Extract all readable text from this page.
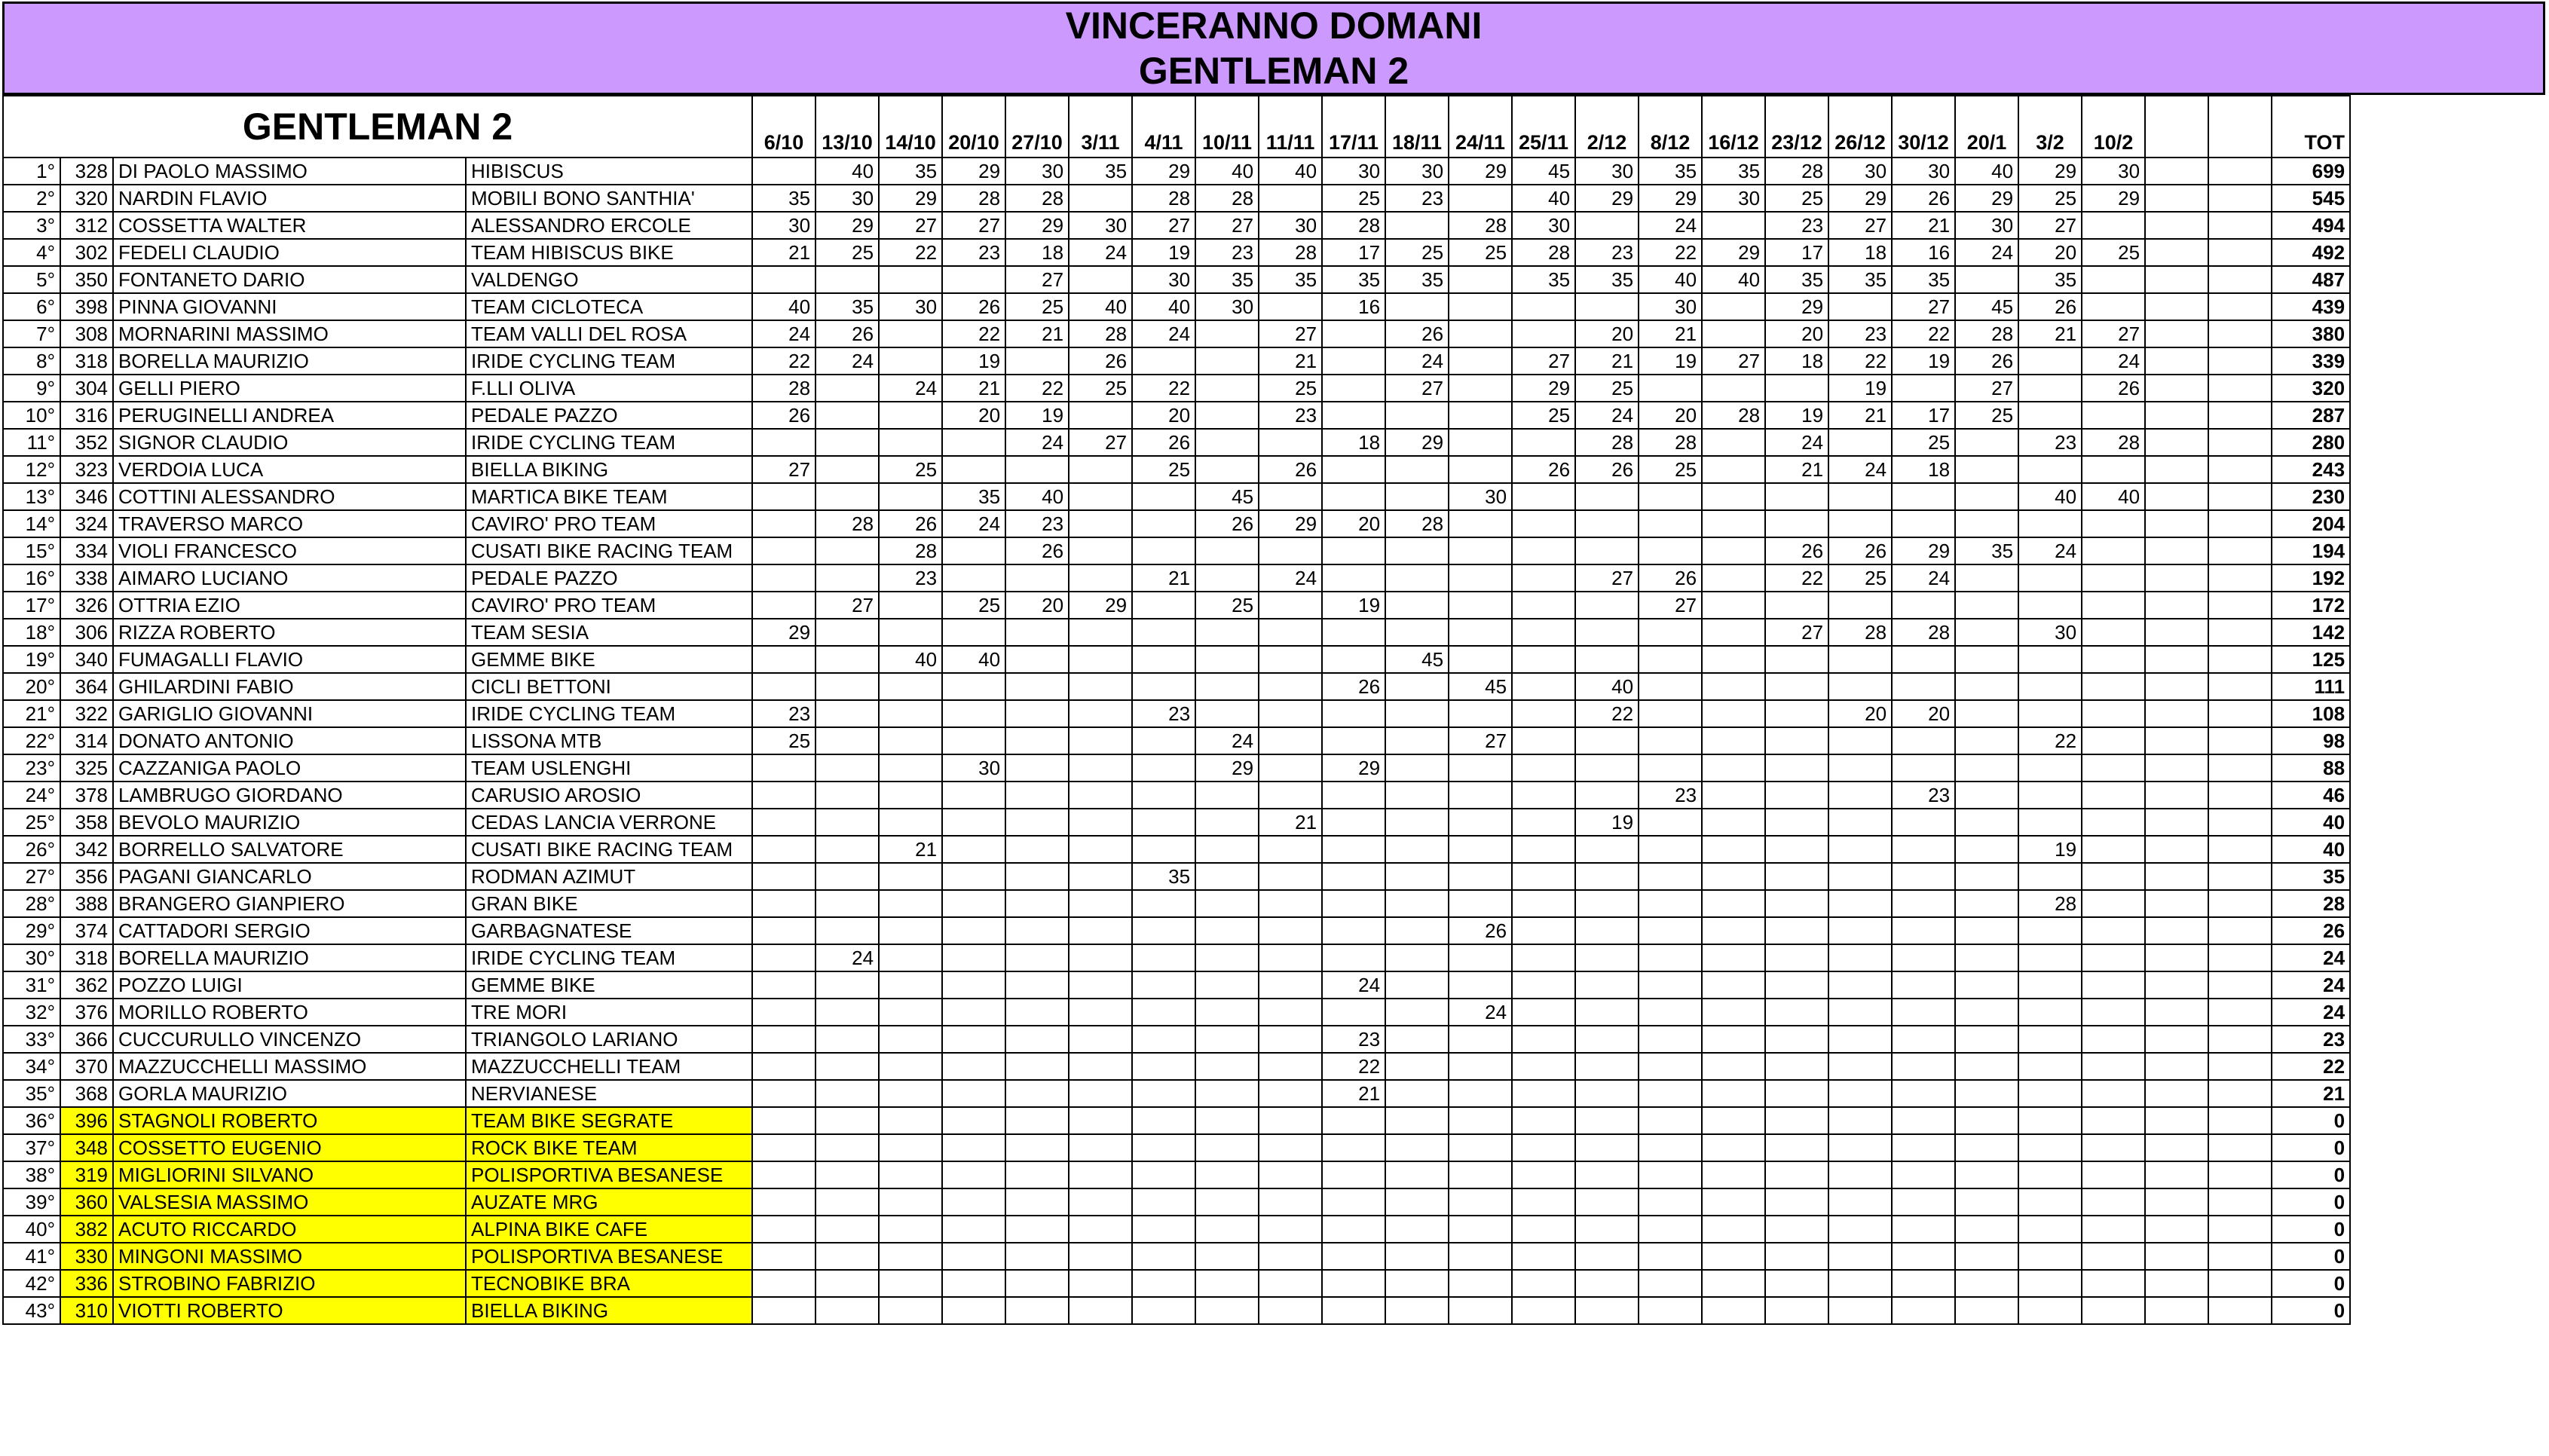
VINCERANNO DOMANI
GENTLEMAN 2
GENTLEMAN 2				6/10	13/10	14/10	20/10	27/10	3/11	4/11	10/11	11/11	17/11	18/11	24/11	25/11	2/12	8/12	16/12	23/12	26/12	30/12	20/1	3/2	10/2			TOT
1°	328	DI PAOLO MASSIMO	HIBISCUS		40	35	29	30	35	29	40	40	30	30	29	45	30	35	35	28	30	30	40	29	30			699
2°	320	NARDIN FLAVIO	MOBILI BONO SANTHIA'	35	30	29	28	28		28	28		25	23		40	29	29	30	25	29	26	29	25	29			545
3°	312	COSSETTA WALTER	ALESSANDRO ERCOLE	30	29	27	27	29	30	27	27	30	28		28	30		24		23	27	21	30	27				494
4°	302	FEDELI CLAUDIO	TEAM HIBISCUS BIKE	21	25	22	23	18	24	19	23	28	17	25	25	28	23	22	29	17	18	16	24	20	25			492
5°	350	FONTANETO DARIO	VALDENGO					27		30	35	35	35	35		35	35	40	40	35	35	35		35				487
6°	398	PINNA GIOVANNI	TEAM CICLOTECA	40	35	30	26	25	40	40	30		16					30		29		27	45	26				439
7°	308	MORNARINI MASSIMO	TEAM VALLI DEL ROSA	24	26		22	21	28	24		27		26			20	21		20	23	22	28	21	27			380
8°	318	BORELLA MAURIZIO	IRIDE CYCLING TEAM	22	24		19		26			21		24		27	21	19	27	18	22	19	26		24			339
9°	304	GELLI PIERO	F.LLI OLIVA	28		24	21	22	25	22		25		27		29	25				19		27		26			320
10°	316	PERUGINELLI ANDREA	PEDALE PAZZO	26			20	19		20		23				25	24	20	28	19	21	17	25					287
11°	352	SIGNOR CLAUDIO	IRIDE CYCLING TEAM					24	27	26			18	29			28	28		24		25		23	28			280
12°	323	VERDOIA LUCA	BIELLA BIKING	27		25				25		26				26	26	25		21	24	18						243
13°	346	COTTINI ALESSANDRO	MARTICA BIKE TEAM				35	40			45				30									40	40			230
14°	324	TRAVERSO MARCO	CAVIRO' PRO TEAM		28	26	24	23			26	29	20	28														204
15°	334	VIOLI FRANCESCO	CUSATI BIKE RACING TEAM			28		26												26	26	29	35	24				194
16°	338	AIMARO LUCIANO	PEDALE PAZZO			23				21		24					27	26		22	25	24						192
17°	326	OTTRIA EZIO	CAVIRO' PRO TEAM		27		25	20	29		25		19					27										172
18°	306	RIZZA ROBERTO	TEAM SESIA	29																27	28	28		30				142
19°	340	FUMAGALLI FLAVIO	GEMME BIKE			40	40							45														125
20°	364	GHILARDINI FABIO	CICLI BETTONI										26		45		40											111
21°	322	GARIGLIO GIOVANNI	IRIDE CYCLING TEAM	23						23							22				20	20						108
22°	314	DONATO ANTONIO	LISSONA MTB	25							24				27									22				98
23°	325	CAZZANIGA PAOLO	TEAM USLENGHI				30				29		29															88
24°	378	LAMBRUGO GIORDANO	CARUSIO AROSIO															23				23						46
25°	358	BEVOLO MAURIZIO	CEDAS LANCIA VERRONE									21					19											40
26°	342	BORRELLO SALVATORE	CUSATI BIKE RACING TEAM			21																		19				40
27°	356	PAGANI GIANCARLO	RODMAN AZIMUT							35																		35
28°	388	BRANGERO GIANPIERO	GRAN BIKE																					28				28
29°	374	CATTADORI SERGIO	GARBAGNATESE												26													26
30°	318	BORELLA MAURIZIO	IRIDE CYCLING TEAM		24																							24
31°	362	POZZO LUIGI	GEMME BIKE										24															24
32°	376	MORILLO ROBERTO	TRE MORI												24													24
33°	366	CUCCURULLO VINCENZO	TRIANGOLO LARIANO										23															23
34°	370	MAZZUCCHELLI MASSIMO	MAZZUCCHELLI TEAM										22															22
35°	368	GORLA MAURIZIO	NERVIANESE										21															21
36°	396	STAGNOLI ROBERTO	TEAM BIKE SEGRATE																									0
37°	348	COSSETTO EUGENIO	ROCK BIKE TEAM																									0
38°	319	MIGLIORINI SILVANO	POLISPORTIVA BESANESE																									0
39°	360	VALSESIA MASSIMO	AUZATE MRG																									0
40°	382	ACUTO RICCARDO	ALPINA BIKE CAFE																									0
41°	330	MINGONI MASSIMO	POLISPORTIVA BESANESE																									0
42°	336	STROBINO FABRIZIO	TECNOBIKE BRA																									0
43°	310	VIOTTI ROBERTO	BIELLA BIKING																									0
